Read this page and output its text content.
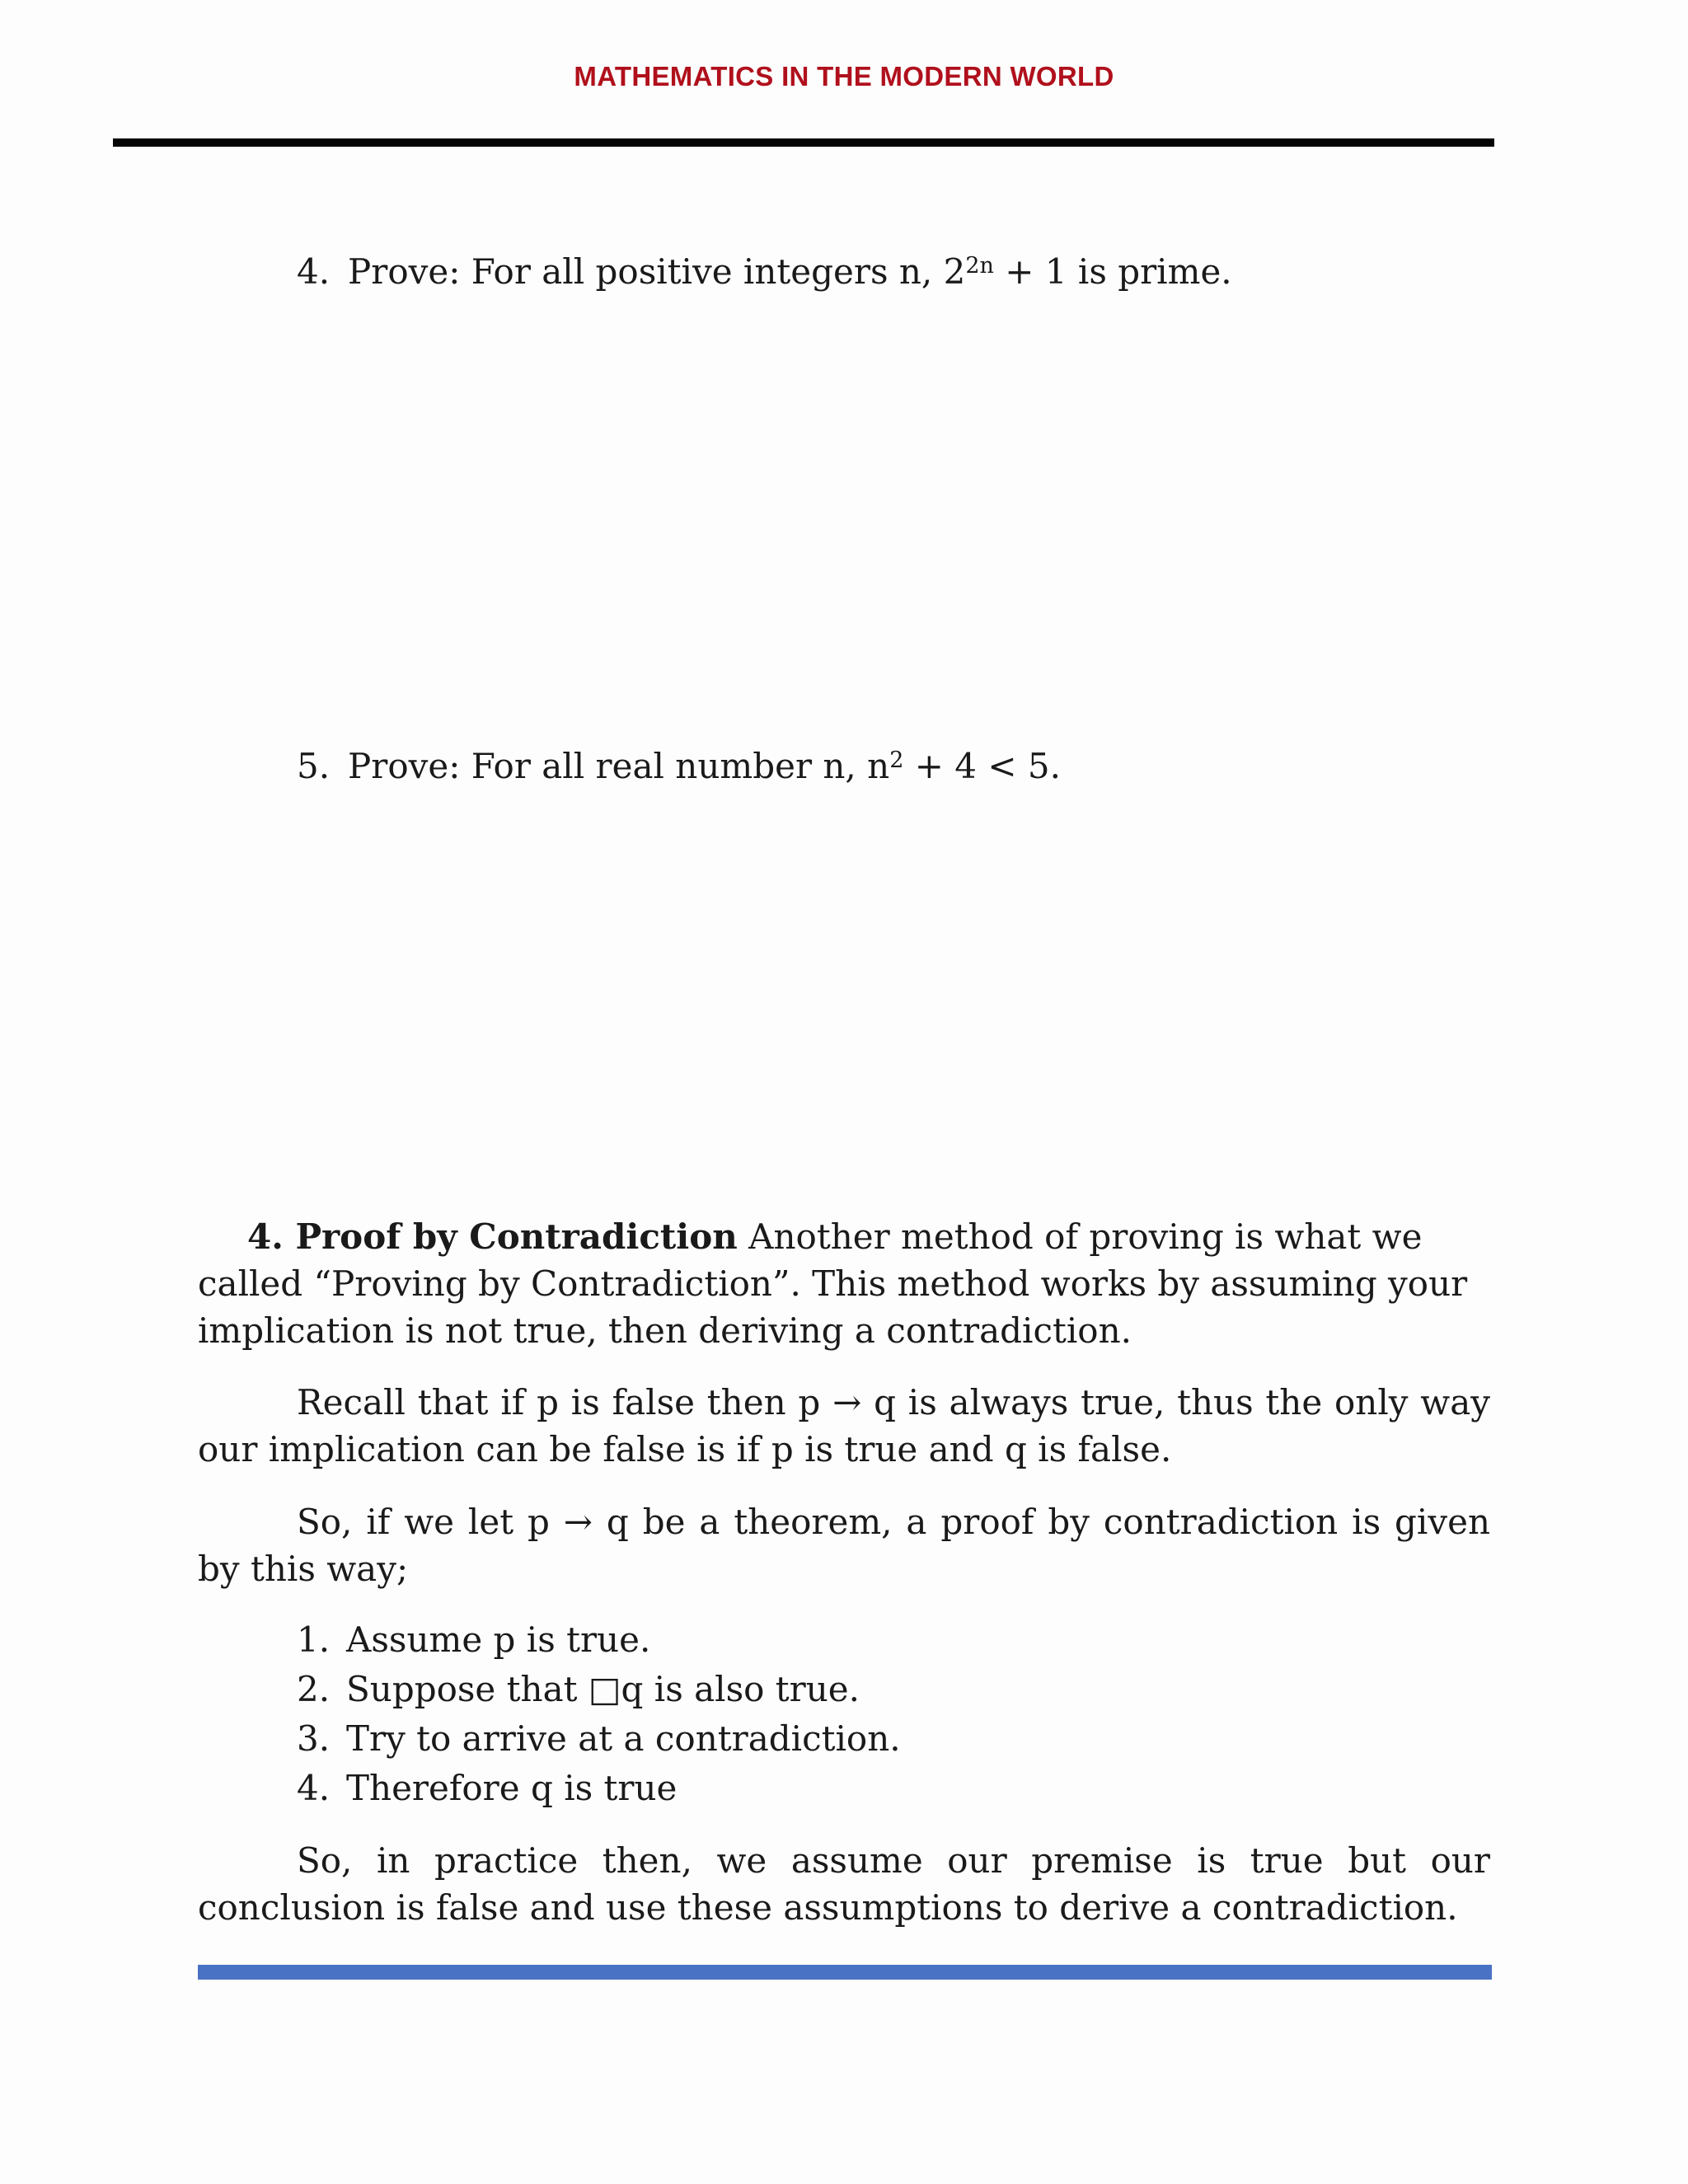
MATHEMATICS IN THE MODERN WORLD
4. Prove: For all positive integers n, $2^{2n} + 1$ is prime.
5. Prove: For all real number n, $n^2 + 4 < 5$.
4. Proof by Contradiction Another method of proving is what we called “Proving by Contradiction”. This method works by assuming your implication is not true, then deriving a contradiction.
Recall that if p is false then p → q is always true, thus the only way our implication can be false is if p is true and q is false.
So, if we let p → q be a theorem, a proof by contradiction is given by this way;
1. Assume p is true.
2. Suppose that □q is also true.
3. Try to arrive at a contradiction.
4. Therefore q is true
So, in practice then, we assume our premise is true but our conclusion is false and use these assumptions to derive a contradiction.
